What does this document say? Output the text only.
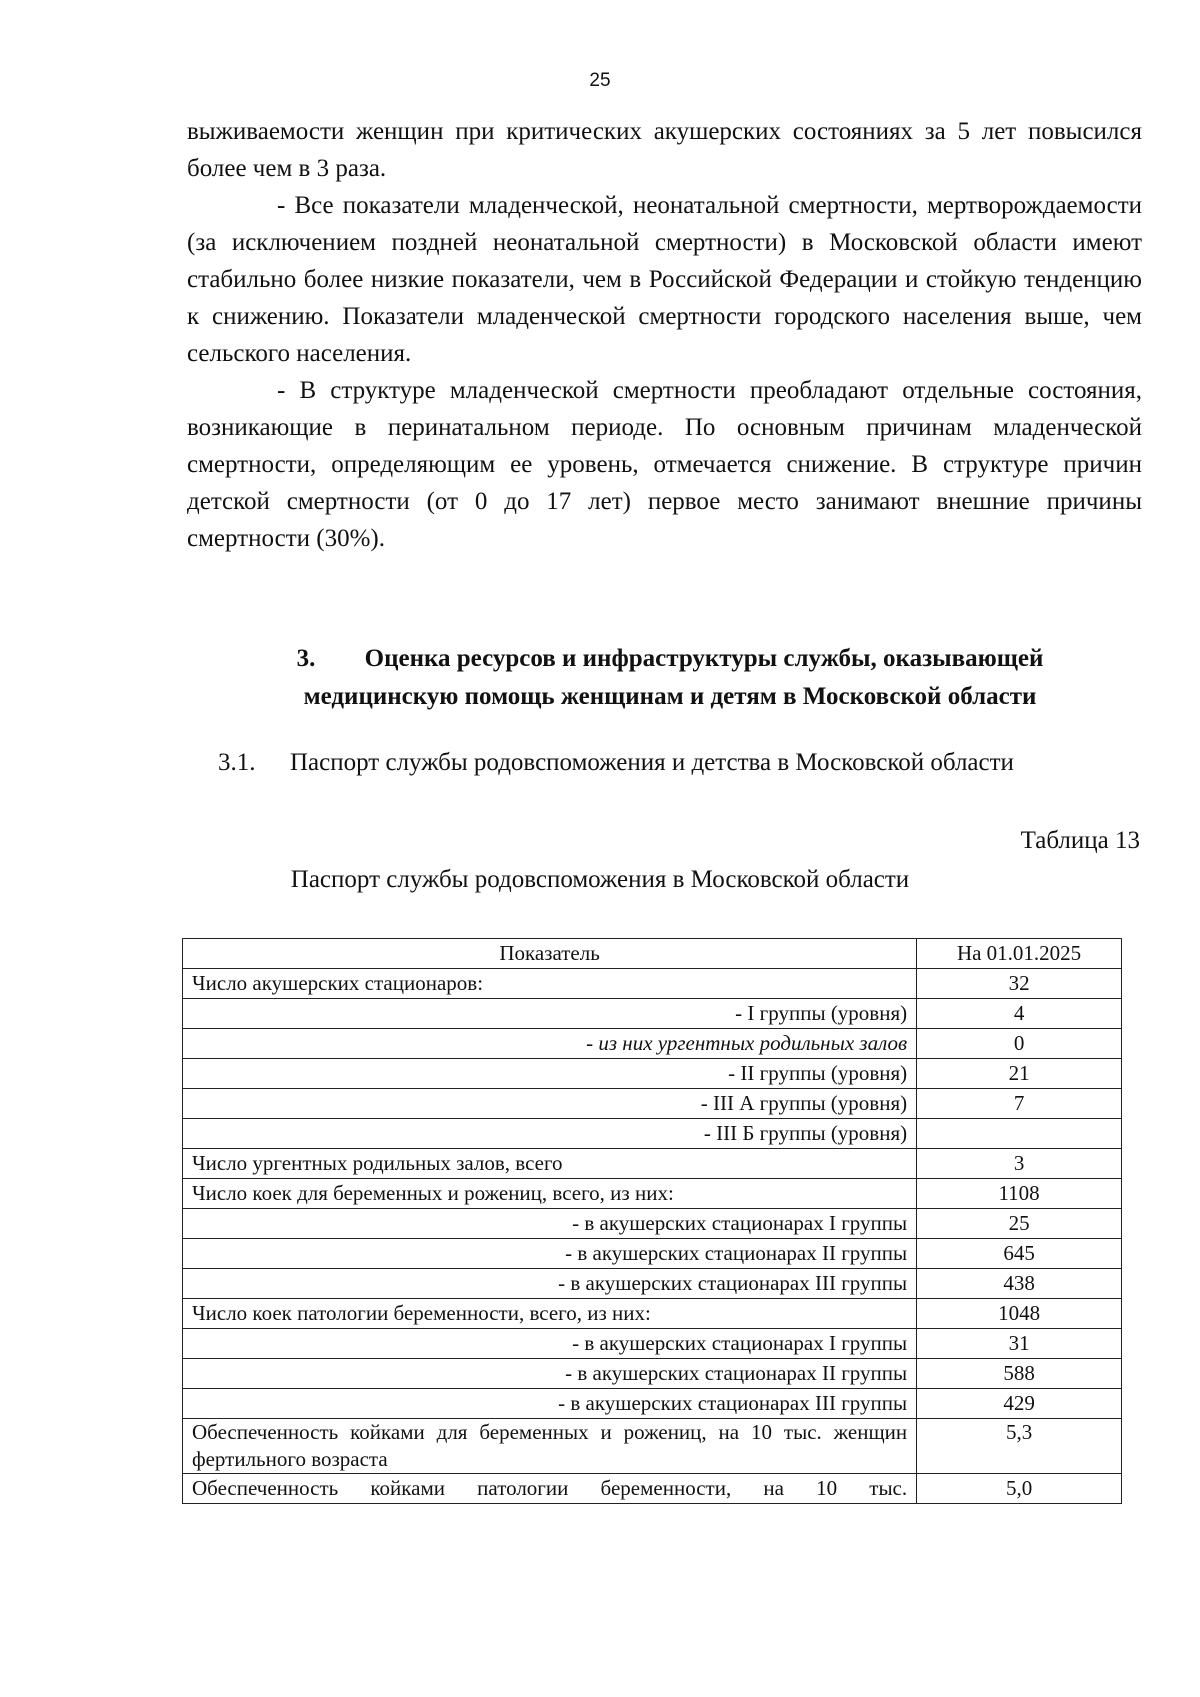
25

выживаемости женщин при критических акушерских состояниях за 5 лет повысился более чем в 3 раза.

- Все показатели младенческой, неонатальной смертности, мертворождаемости (за исключением поздней неонатальной смертности) в Московской области имеют стабильно более низкие показатели, чем в Российской Федерации и стойкую тенденцию к снижению. Показатели младенческой смертности городского населения выше, чем сельского населения.

- В структуре младенческой смертности преобладают отдельные состояния, возникающие в перинатальном периоде. По основным причинам младенческой смертности, определяющим ее уровень, отмечается снижение. В структуре причин детской смертности (от 0 до 17 лет) первое место занимают внешние причины смертности (30%).

3. Оценка ресурсов и инфраструктуры службы, оказывающей медицинскую помощь женщинам и детям в Московской области
3.1. Паспорт службы родовспоможения и детства в Московской области
Таблица 13
Паспорт службы родовспоможения в Московской области
Показатель	На 01.01.2025
Число акушерских стационаров:	32
- I группы (уровня)	4
- из них ургентных родильных залов	0
- II группы (уровня)	21
- III А группы (уровня)	7
- III Б группы (уровня)	
Число ургентных родильных залов, всего	3
Число коек для беременных и рожениц, всего, из них:	1108
- в акушерских стационарах I группы	25
- в акушерских стационарах II группы	645
- в акушерских стационарах III группы	438
Число коек патологии беременности, всего, из них:	1048
- в акушерских стационарах I группы	31
- в акушерских стационарах II группы	588
- в акушерских стационарах III группы	429
Обеспеченность койками для беременных и рожениц, на 10 тыс. женщин фертильного возраста	5,3
Обеспеченность койками патологии беременности, на 10 тыс.	5,0
